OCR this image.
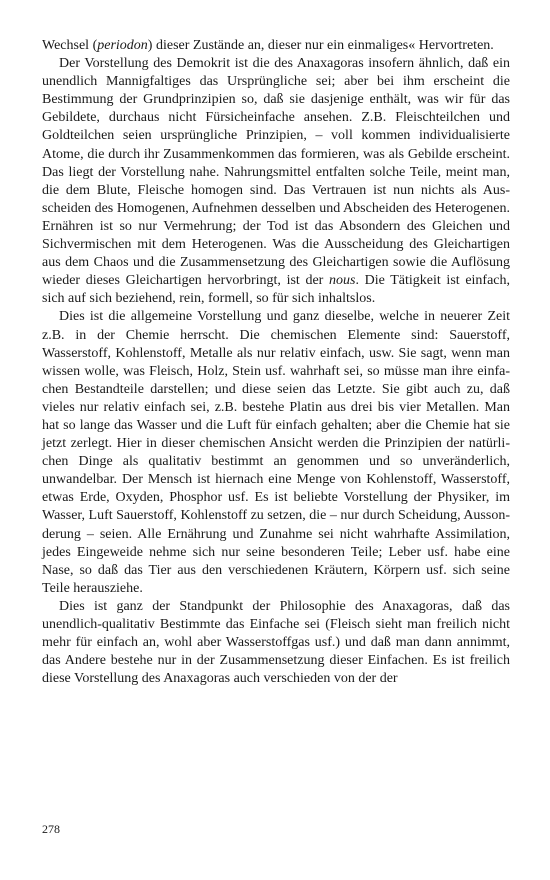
Wechsel (periodon) dieser Zustände an, dieser nur ein einmaliges« Hervortreten.

Der Vorstellung des Demokrit ist die des Anaxagoras insofern ähnlich, daß ein unendlich Mannigfaltiges das Ursprüngliche sei; aber bei ihm erscheint die Bestimmung der Grundprinzipien so, daß sie dasjenige enthält, was wir für das Gebildete, durchaus nicht Fürsicheinfache ansehen. Z.B. Fleischteilchen und Goldteilchen seien ursprüngliche Prinzipien, – voll kommen individualisierte Atome, die durch ihr Zusammenkommen das formieren, was als Gebilde erscheint. Das liegt der Vorstellung nahe. Nahrungsmittel entfalten solche Teile, meint man, die dem Blute, Fleische homogen sind. Das Vertrauen ist nun nichts als Ausscheiden des Homogenen, Aufnehmen desselben und Abscheiden des Heterogenen. Ernähren ist so nur Vermehrung; der Tod ist das Absondern des Gleichen und Sichvermischen mit dem Heterogenen. Was die Ausscheidung des Gleichartigen aus dem Chaos und die Zusammensetzung des Gleichartigen sowie die Auflösung wieder dieses Gleichartigen hervorbringt, ist der nous. Die Tätigkeit ist einfach, sich auf sich beziehend, rein, formell, so für sich inhaltslos.

Dies ist die allgemeine Vorstellung und ganz dieselbe, welche in neuerer Zeit z.B. in der Chemie herrscht. Die chemischen Elemente sind: Sauerstoff, Wasserstoff, Kohlenstoff, Metalle als nur relativ einfach, usw. Sie sagt, wenn man wissen wolle, was Fleisch, Holz, Stein usf. wahrhaft sei, so müsse man ihre einfachen Bestandteile darstellen; und diese seien das Letzte. Sie gibt auch zu, daß vieles nur relativ einfach sei, z.B. bestehe Platin aus drei bis vier Metallen. Man hat so lange das Wasser und die Luft für einfach gehalten; aber die Chemie hat sie jetzt zerlegt. Hier in dieser chemischen Ansicht werden die Prinzipien der natürlichen Dinge als qualitativ bestimmt an genommen und so unveränderlich, unwandelbar. Der Mensch ist hiernach eine Menge von Kohlenstoff, Wasserstoff, etwas Erde, Oxyden, Phosphor usf. Es ist beliebte Vorstellung der Physiker, im Wasser, Luft Sauerstoff, Kohlenstoff zu setzen, die – nur durch Scheidung, Aussonderung – seien. Alle Ernährung und Zunahme sei nicht wahrhafte Assimilation, jedes Eingeweide nehme sich nur seine besonderen Teile; Leber usf. habe eine Nase, so daß das Tier aus den verschiedenen Kräutern, Körpern usf. sich seine Teile herausziehe.

Dies ist ganz der Standpunkt der Philosophie des Anaxagoras, daß das unendlich-qualitativ Bestimmte das Einfache sei (Fleisch sieht man freilich nicht mehr für einfach an, wohl aber Wasserstoffgas usf.) und daß man dann annimmt, das Andere bestehe nur in der Zusammensetzung dieser Einfachen. Es ist freilich diese Vorstellung des Anaxagoras auch verschieden von der der

278
